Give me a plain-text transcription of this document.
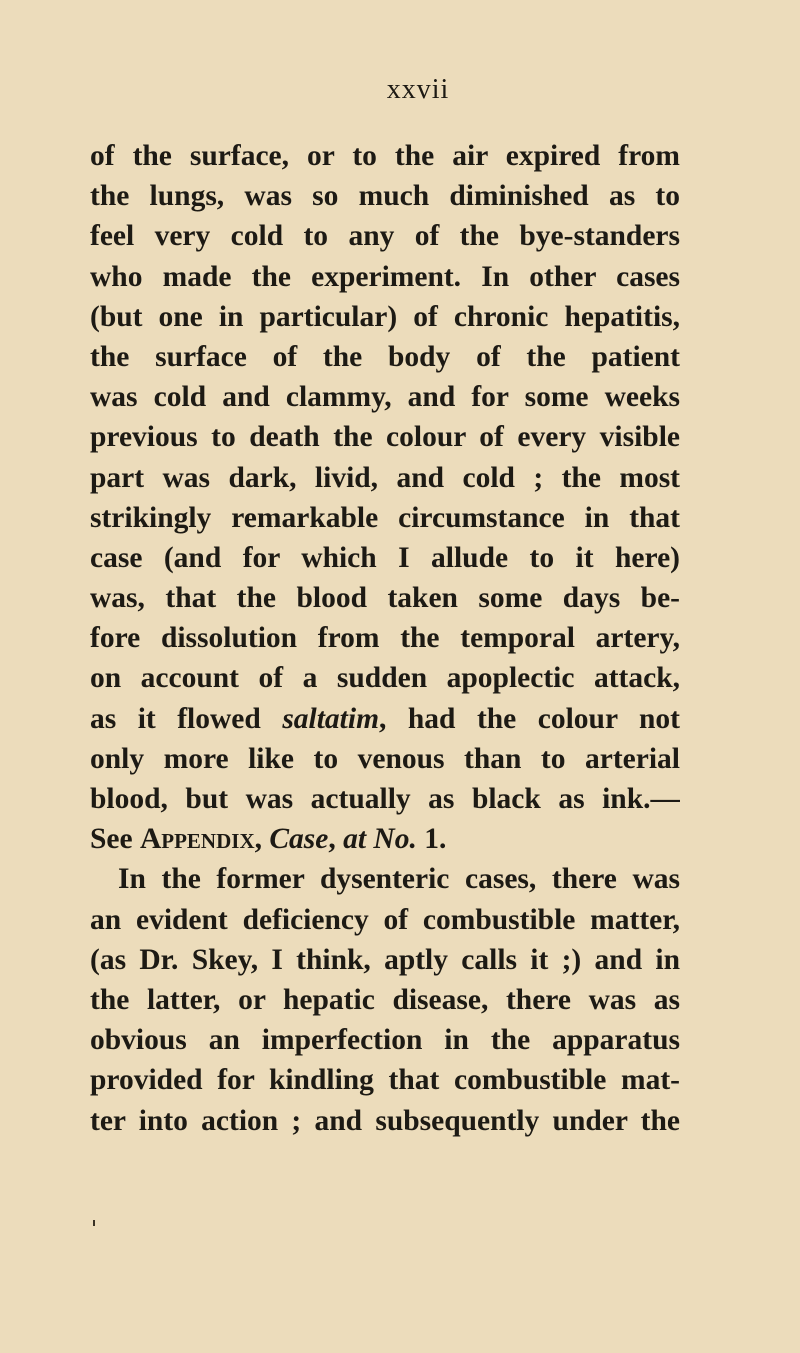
xxvii
of the surface, or to the air expired from
the lungs, was so much diminished as to
feel very cold to any of the bye-standers
who made the experiment. In other cases
(but one in particular) of chronic hepatitis,
the surface of the body of the patient
was cold and clammy, and for some weeks
previous to death the colour of every visible
part was dark, livid, and cold ; the most
strikingly remarkable circumstance in that
case (and for which I allude to it here)
was, that the blood taken some days be-
fore dissolution from the temporal artery,
on account of a sudden apoplectic attack,
as it flowed saltatim, had the colour not
only more like to venous than to arterial
blood, but was actually as black as ink.—
See Appendix, Case, at No. 1.
In the former dysenteric cases, there was
an evident deficiency of combustible matter,
(as Dr. Skey, I think, aptly calls it ;) and in
the latter, or hepatic disease, there was as
obvious an imperfection in the apparatus
provided for kindling that combustible mat-
ter into action ; and subsequently under the
